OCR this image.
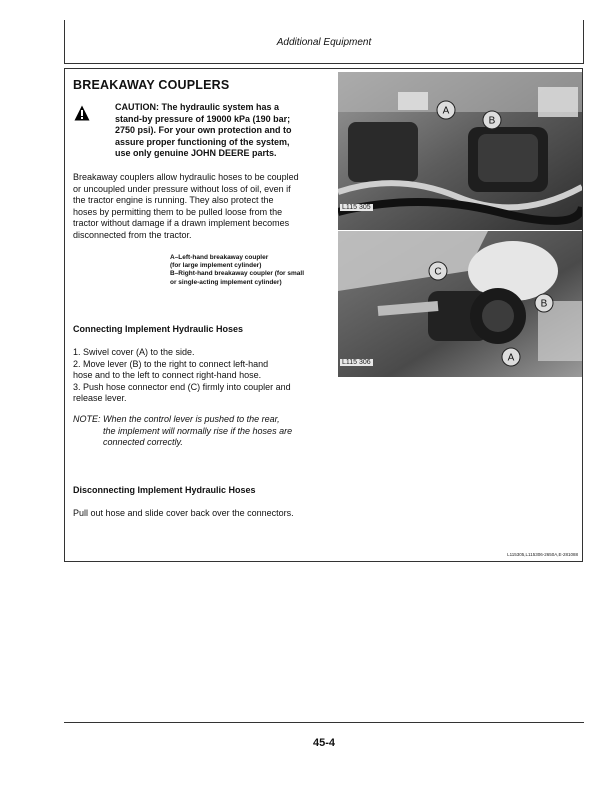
Additional Equipment
BREAKAWAY COUPLERS
CAUTION: The hydraulic system has a
stand-by pressure of 19000 kPa (190 bar;
2750 psi). For your own protection and to
assure proper functioning of the system,
use only genuine JOHN DEERE parts.
Breakaway couplers allow hydraulic hoses to be coupled
or uncoupled under pressure without loss of oil, even if
the tractor engine is running. They also protect the
hoses by permitting them to be pulled loose from the
tractor without damage if a drawn implement becomes
disconnected from the tractor.
A–Left-hand breakaway coupler
(for large implement cylinder)
B–Right-hand breakaway coupler (for small
or single-acting implement cylinder)
Connecting Implement Hydraulic Hoses
1. Swivel cover (A) to the side.
2. Move lever (B) to the right to connect left-hand
hose and to the left to connect right-hand hose.
3. Push hose connector end (C) firmly into coupler and
release lever.
NOTE: When the control lever is pushed to the rear,
the implement will normally rise if the hoses are
connected correctly.
Disconnecting Implement Hydraulic Hoses
Pull out hose and slide cover back over the connectors.
A
B
L115 305
C
B
A
L115 306
L115305,L115306-2650A,E-281088
45-4
